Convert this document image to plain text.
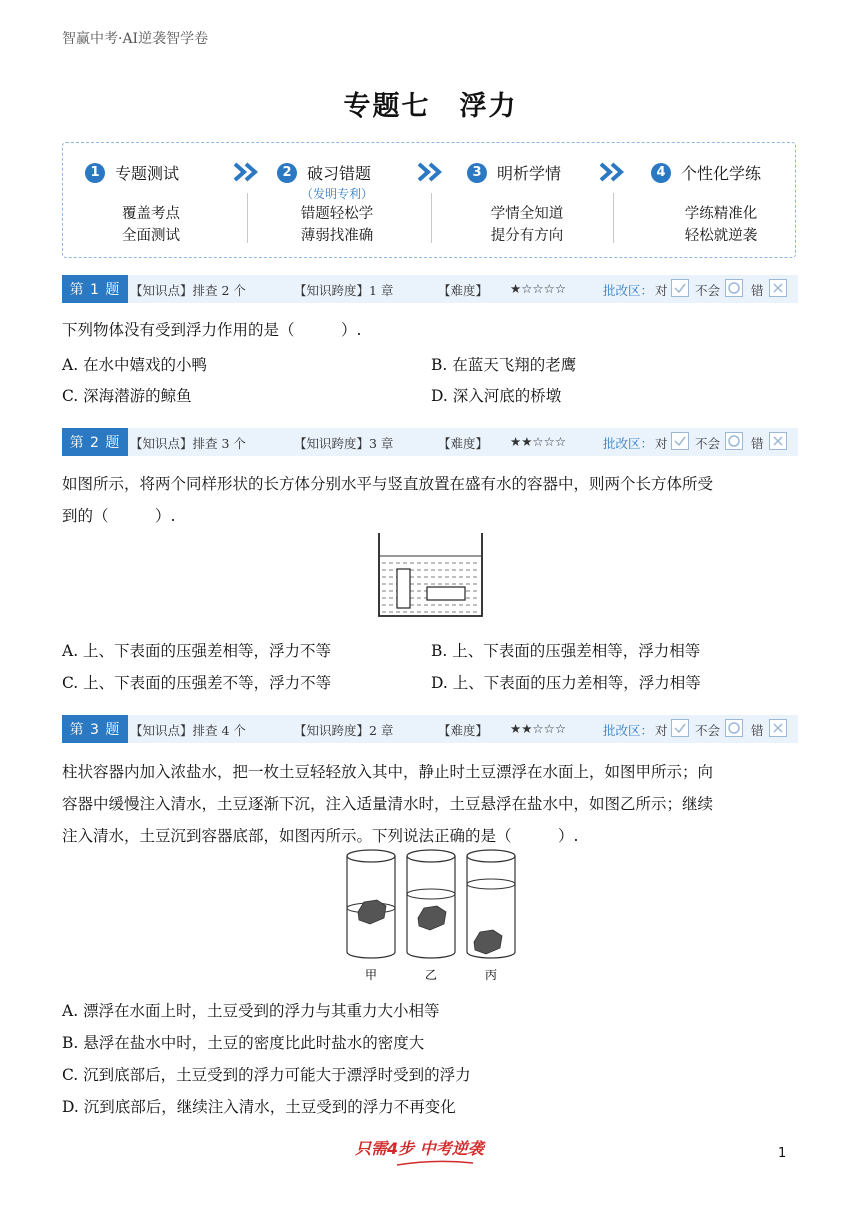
智赢中考·AI逆袭智学卷
专题七　浮力
1 专题测试
覆盖考点
全面测试
2 破习错题
（发明专利）
错题轻松学
薄弱找准确
3 明析学情
学情全知道
提分有方向
4 个性化学练
学练精准化
轻松就逆袭
第 1 题 【知识点】排查 2 个	【知识跨度】1 章	【难度】 ★☆☆☆☆	批改区： 对 不会 错
下列物体没有受到浮力作用的是（　　　）.
A. 在水中嬉戏的小鸭	B. 在蓝天飞翔的老鹰
C. 深海潜游的鲸鱼	D. 深入河底的桥墩
第 2 题 【知识点】排查 3 个	【知识跨度】3 章	【难度】 ★★☆☆☆	批改区： 对 不会 错
如图所示，将两个同样形状的长方体分别水平与竖直放置在盛有水的容器中，则两个长方体所受
到的（　　　）.
A. 上、下表面的压强差相等，浮力不等	B. 上、下表面的压强差相等，浮力相等
C. 上、下表面的压强差不等，浮力不等	D. 上、下表面的压力差相等，浮力相等
第 3 题 【知识点】排查 4 个	【知识跨度】2 章	【难度】 ★★☆☆☆	批改区： 对 不会 错
柱状容器内加入浓盐水，把一枚土豆轻轻放入其中，静止时土豆漂浮在水面上，如图甲所示；向
容器中缓慢注入清水，土豆逐渐下沉，注入适量清水时，土豆悬浮在盐水中，如图乙所示；继续
注入清水，土豆沉到容器底部，如图丙所示。下列说法正确的是（　　　）.
甲	乙	丙
A. 漂浮在水面上时，土豆受到的浮力与其重力大小相等
B. 悬浮在盐水中时，土豆的密度比此时盐水的密度大
C. 沉到底部后，土豆受到的浮力可能大于漂浮时受到的浮力
D. 沉到底部后，继续注入清水，土豆受到的浮力不再变化
只需4步 中考逆袭	1
